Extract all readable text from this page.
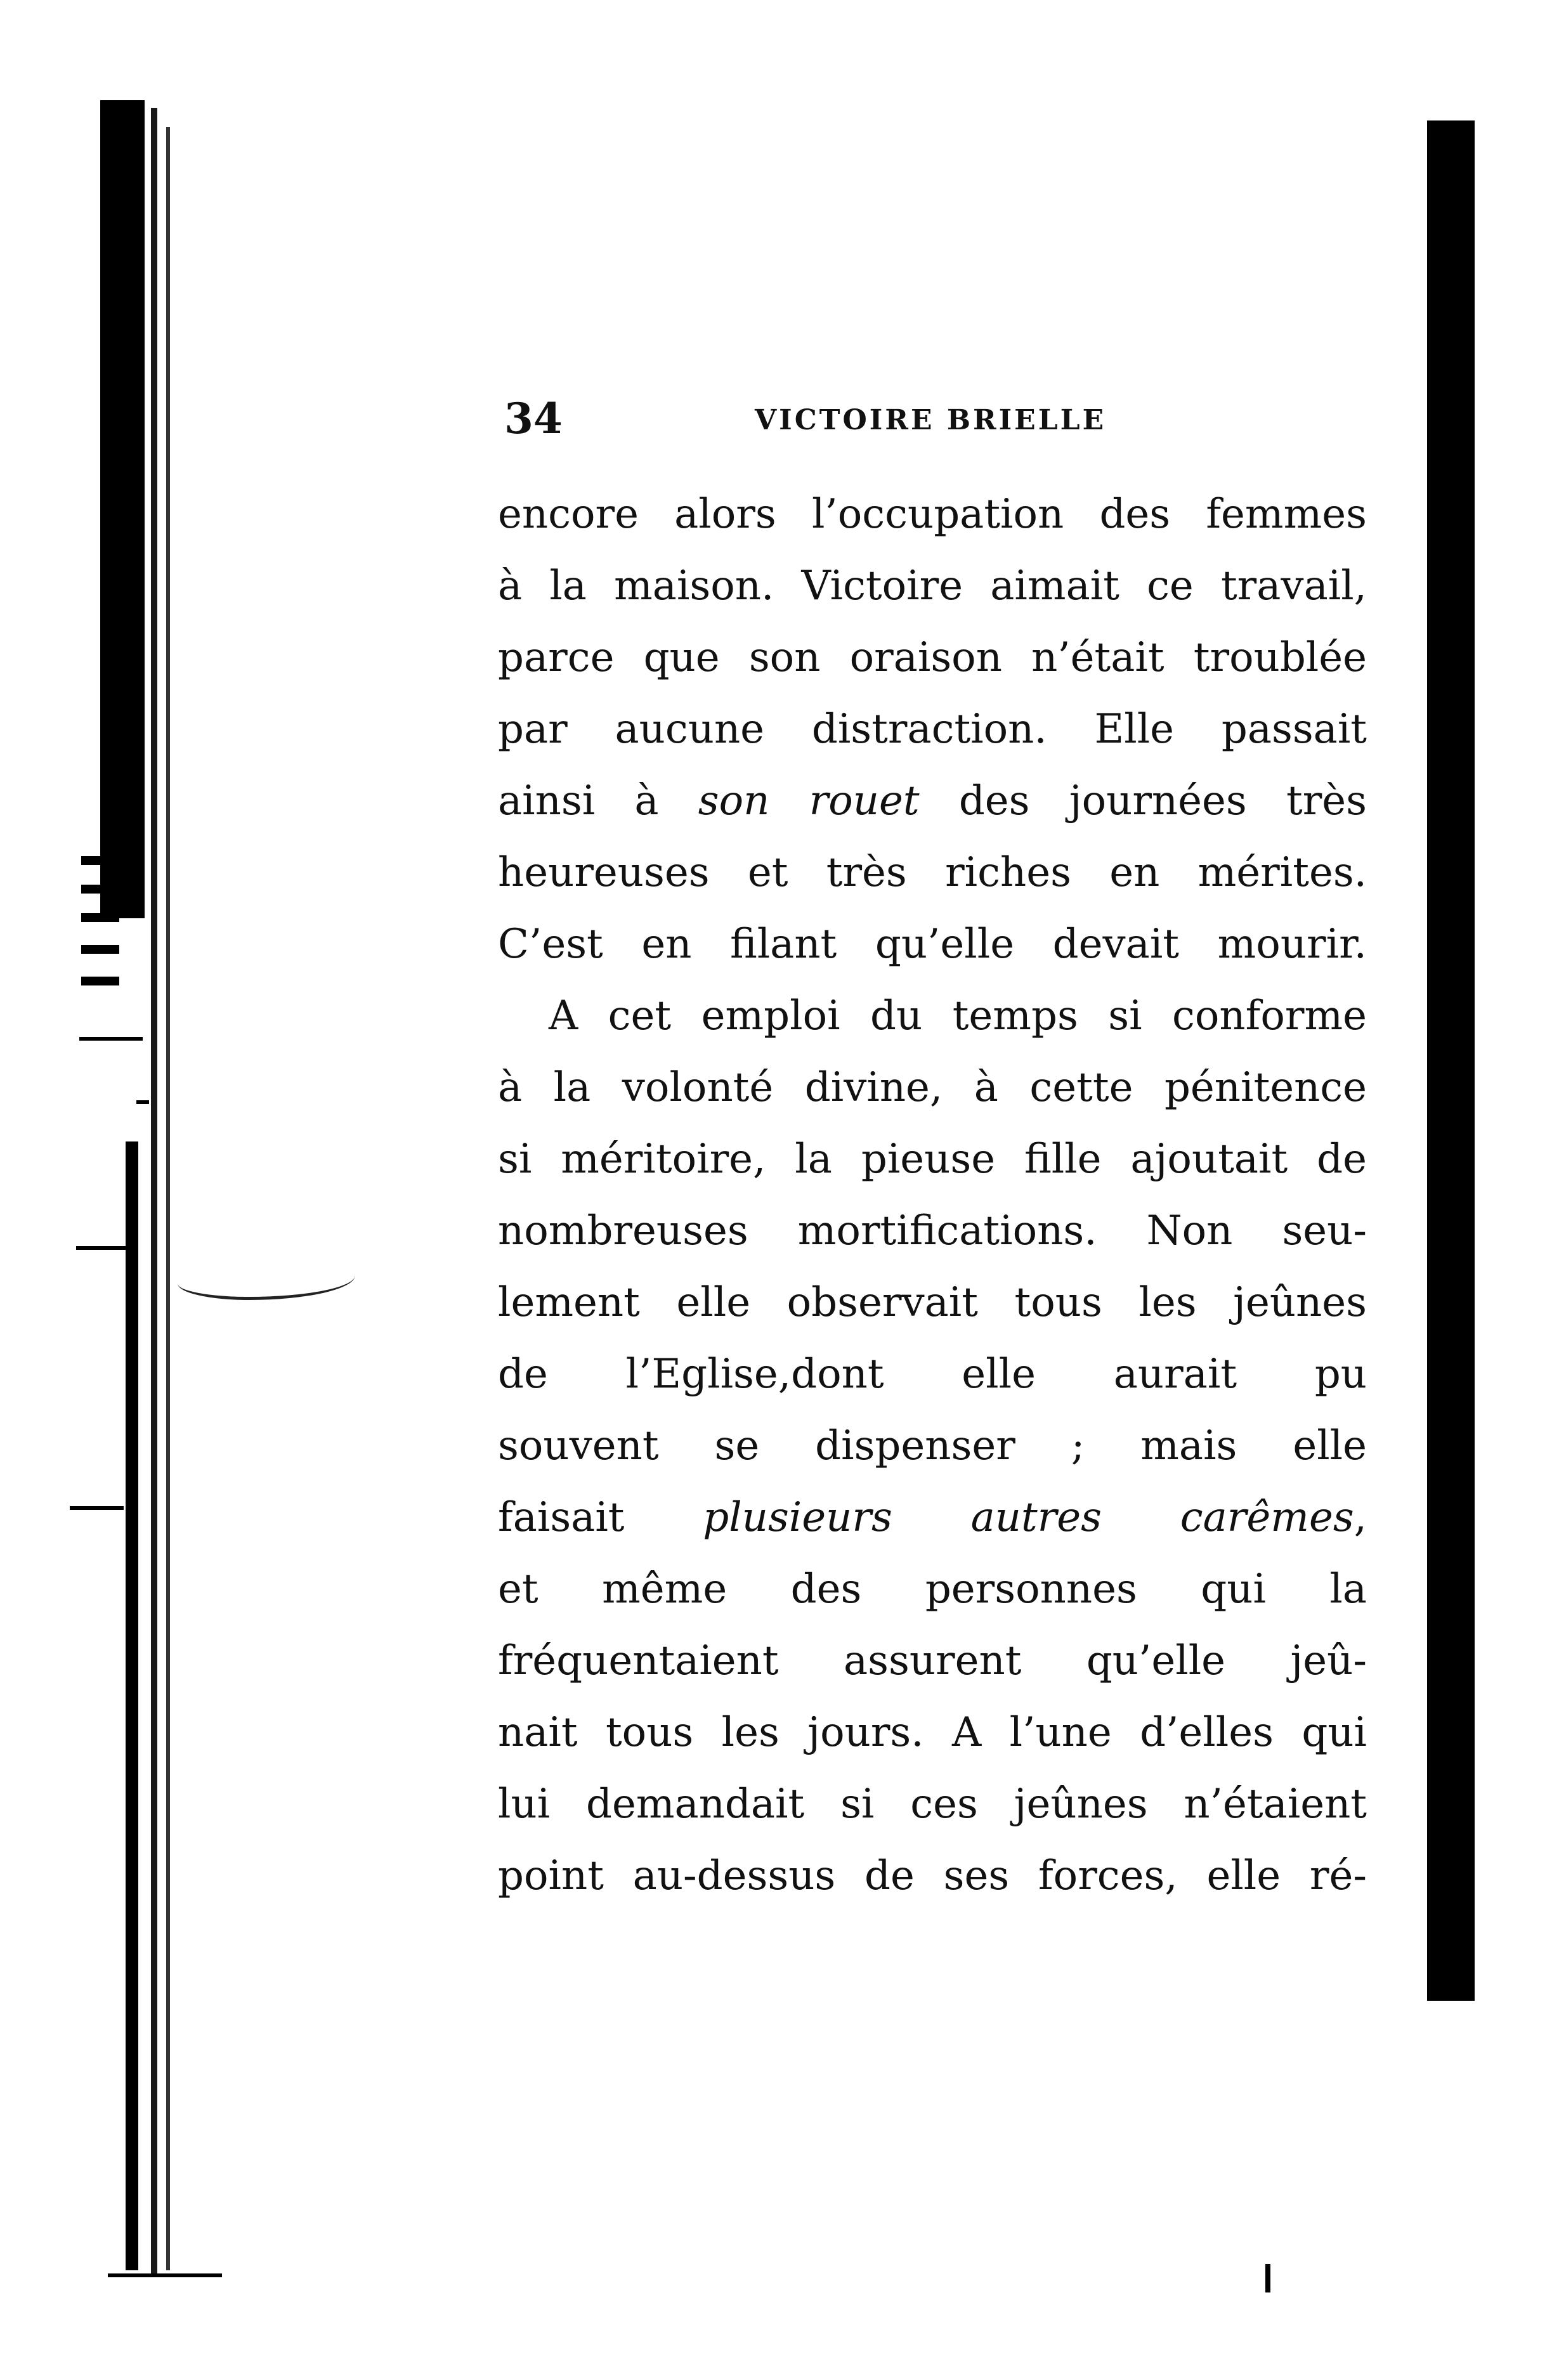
34	VICTOIRE BRIELLE
encore alors l’occupation des femmes
à la maison. Victoire aimait ce travail,
parce que son oraison n’était troublée
par aucune distraction. Elle passait
ainsi à son rouet des journées très
heureuses et très riches en mérites.
C’est en filant qu’elle devait mourir.
A cet emploi du temps si conforme
à la volonté divine, à cette pénitence
si méritoire, la pieuse fille ajoutait de
nombreuses mortifications. Non seu-
lement elle observait tous les jeûnes
de l’Eglise,dont elle aurait pu
souvent se dispenser ; mais elle
faisait plusieurs autres carêmes,
et même des personnes qui la
fréquentaient assurent qu’elle jeû-
nait tous les jours. A l’une d’elles qui
lui demandait si ces jeûnes n’étaient
point au-dessus de ses forces, elle ré-
